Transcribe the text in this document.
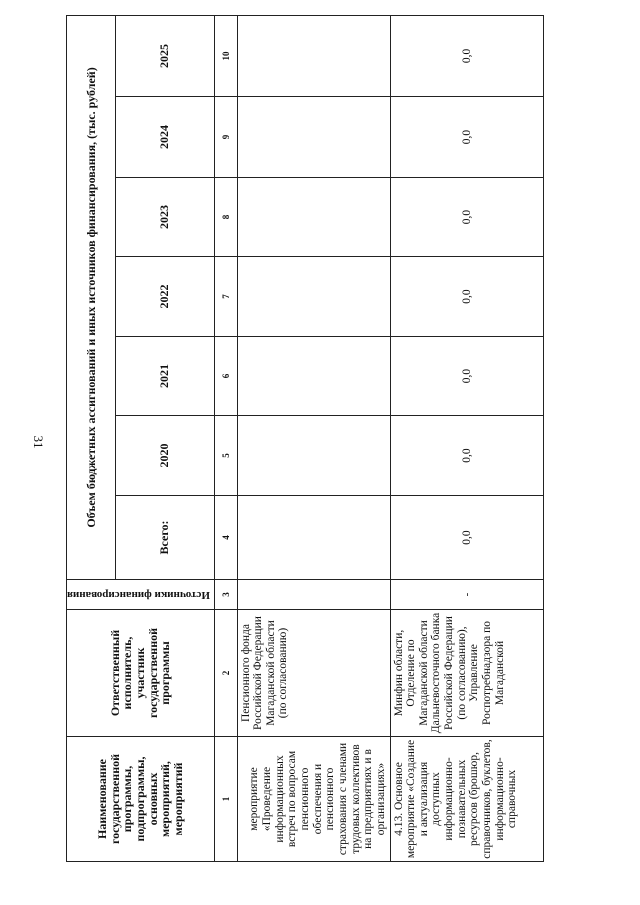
31
Наименование государственной программы, подпрограммы, основных мероприятий, мероприятий	Ответственный исполнитель, участник государственной программы	Источники финансирования	Объем бюджетных ассигнований и иных источников финансирования, (тыс. рублей)						
			Всего:	2020	2021	2022	2023	2024	2025
1	2	3	4	5	6	7	8	9	10

мероприятие «Проведение информационных встреч по вопросам пенсионного обеспечения и пенсионного страхования с членами трудовых коллективов на предприятиях и в организациях»	Пенсионного фонда Российской Федерации Магаданской области (по согласованию)								

4.13. Основное мероприятие «Создание и актуализация доступных информационно-познавательных ресурсов (брошюр, справочников, буклетов, информационно-справочных	Минфин области, Отделение по Магаданской области Дальневосточного банка Российской Федерации (по согласованию), Управление Роспотребнадзора по Магаданской	-	0,0	0,0	0,0	0,0	0,0	0,0	0,0
